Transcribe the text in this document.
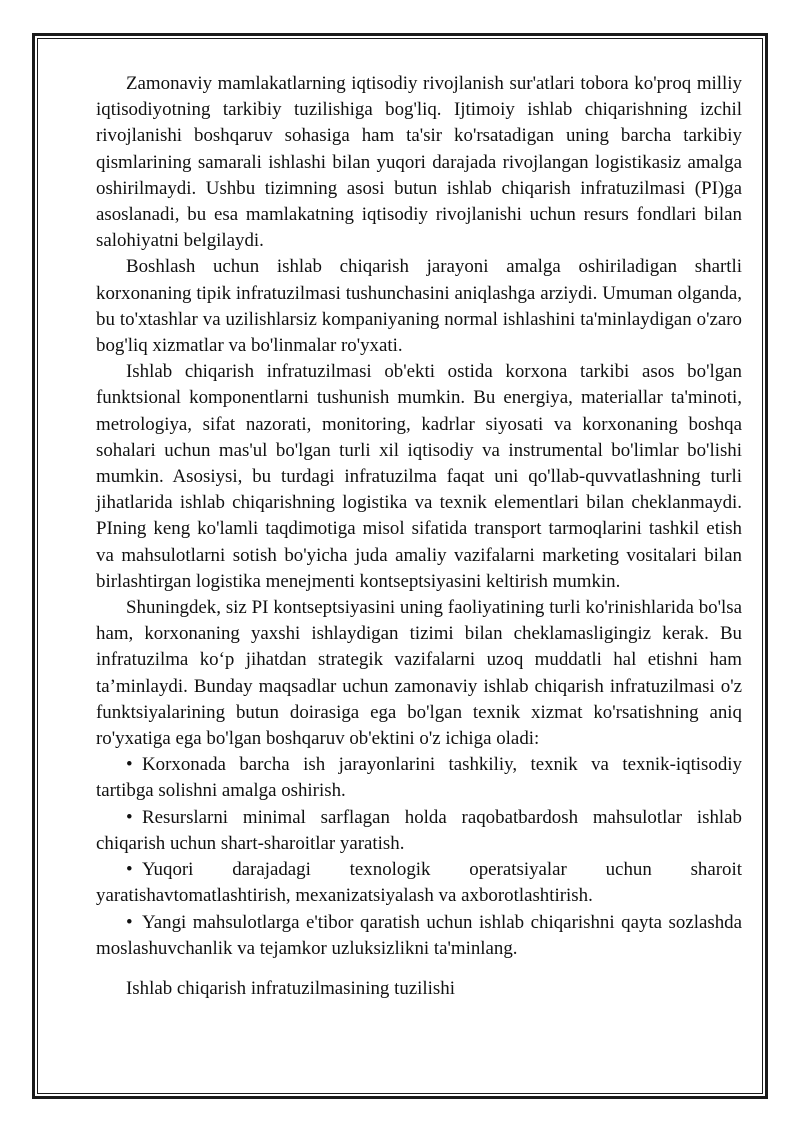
Zamonaviy mamlakatlarning iqtisodiy rivojlanish sur'atlari tobora ko'proq milliy iqtisodiyotning tarkibiy tuzilishiga bog'liq. Ijtimoiy ishlab chiqarishning izchil rivojlanishi boshqaruv sohasiga ham ta'sir ko'rsatadigan uning barcha tarkibiy qismlarining samarali ishlashi bilan yuqori darajada rivojlangan logistikasiz amalga oshirilmaydi. Ushbu tizimning asosi butun ishlab chiqarish infratuzilmasi (PI)ga asoslanadi, bu esa mamlakatning iqtisodiy rivojlanishi uchun resurs fondlari bilan salohiyatni belgilaydi.

Boshlash uchun ishlab chiqarish jarayoni amalga oshiriladigan shartli korxonaning tipik infratuzilmasi tushunchasini aniqlashga arziydi. Umuman olganda, bu to'xtashlar va uzilishlarsiz kompaniyaning normal ishlashini ta'minlaydigan o'zaro bog'liq xizmatlar va bo'linmalar ro'yxati.

Ishlab chiqarish infratuzilmasi ob'ekti ostida korxona tarkibi asos bo'lgan funktsional komponentlarni tushunish mumkin. Bu energiya, materiallar ta'minoti, metrologiya, sifat nazorati, monitoring, kadrlar siyosati va korxonaning boshqa sohalari uchun mas'ul bo'lgan turli xil iqtisodiy va instrumental bo'limlar bo'lishi mumkin. Asosiysi, bu turdagi infratuzilma faqat uni qo'llab-quvvatlashning turli jihatlarida ishlab chiqarishning logistika va texnik elementlari bilan cheklanmaydi. PIning keng ko'lamli taqdimotiga misol sifatida transport tarmoqlarini tashkil etish va mahsulotlarni sotish bo'yicha juda amaliy vazifalarni marketing vositalari bilan birlashtirgan logistika menejmenti kontseptsiyasini keltirish mumkin.

Shuningdek, siz PI kontseptsiyasini uning faoliyatining turli ko'rinishlarida bo'lsa ham, korxonaning yaxshi ishlaydigan tizimi bilan cheklamasligingiz kerak. Bu infratuzilma ko‘p jihatdan strategik vazifalarni uzoq muddatli hal etishni ham ta’minlaydi. Bunday maqsadlar uchun zamonaviy ishlab chiqarish infratuzilmasi o'z funktsiyalarining butun doirasiga ega bo'lgan texnik xizmat ko'rsatishning aniq ro'yxatiga ega bo'lgan boshqaruv ob'ektini o'z ichiga oladi:

• Korxonada barcha ish jarayonlarini tashkiliy, texnik va texnik-iqtisodiy tartibga solishni amalga oshirish.

• Resurslarni minimal sarflagan holda raqobatbardosh mahsulotlar ishlab chiqarish uchun shart-sharoitlar yaratish.

• Yuqori darajadagi texnologik operatsiyalar uchun sharoit yaratishavtomatlashtirish, mexanizatsiyalash va axborotlashtirish.

• Yangi mahsulotlarga e'tibor qaratish uchun ishlab chiqarishni qayta sozlashda moslashuvchanlik va tejamkor uzluksizlikni ta'minlang.

Ishlab chiqarish infratuzilmasining tuzilishi
